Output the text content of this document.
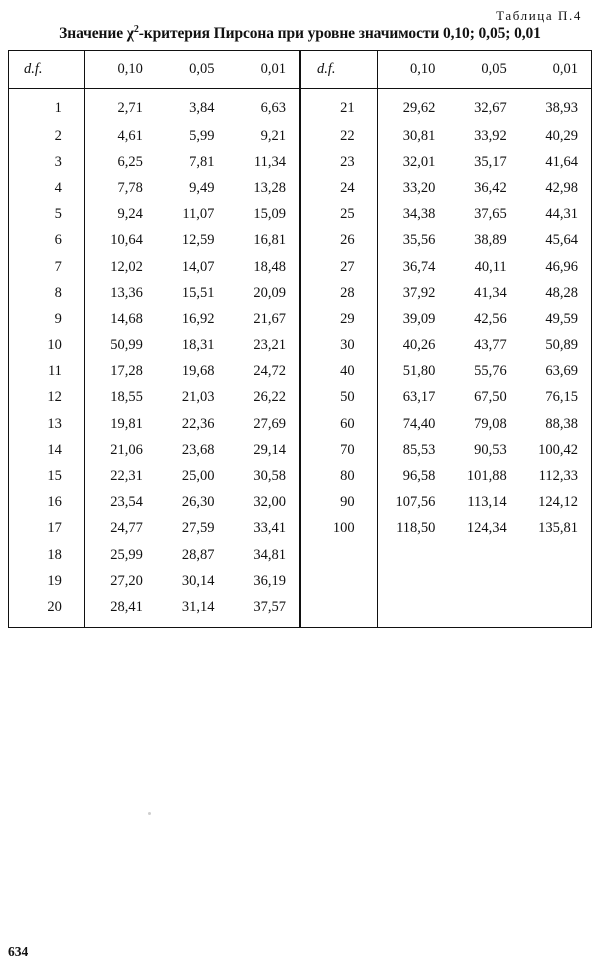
Таблица П.4
Значение $\chi^2$-критерия Пирсона при уровне значимости 0,10; 0,05; 0,01
d.f.	0,10	0,05	0,01
1	2,71	3,84	6,63
2	4,61	5,99	9,21
3	6,25	7,81	11,34
4	7,78	9,49	13,28
5	9,24	11,07	15,09
6	10,64	12,59	16,81
7	12,02	14,07	18,48
8	13,36	15,51	20,09
9	14,68	16,92	21,67
10	50,99	18,31	23,21
11	17,28	19,68	24,72
12	18,55	21,03	26,22
13	19,81	22,36	27,69
14	21,06	23,68	29,14
15	22,31	25,00	30,58
16	23,54	26,30	32,00
17	24,77	27,59	33,41
18	25,99	28,87	34,81
19	27,20	30,14	36,19
20	28,41	31,14	37,57
d.f.	0,10	0,05	0,01
21	29,62	32,67	38,93
22	30,81	33,92	40,29
23	32,01	35,17	41,64
24	33,20	36,42	42,98
25	34,38	37,65	44,31
26	35,56	38,89	45,64
27	36,74	40,11	46,96
28	37,92	41,34	48,28
29	39,09	42,56	49,59
30	40,26	43,77	50,89
40	51,80	55,76	63,69
50	63,17	67,50	76,15
60	74,40	79,08	88,38
70	85,53	90,53	100,42
80	96,58	101,88	112,33
90	107,56	113,14	124,12
100	118,50	124,34	135,81
634
